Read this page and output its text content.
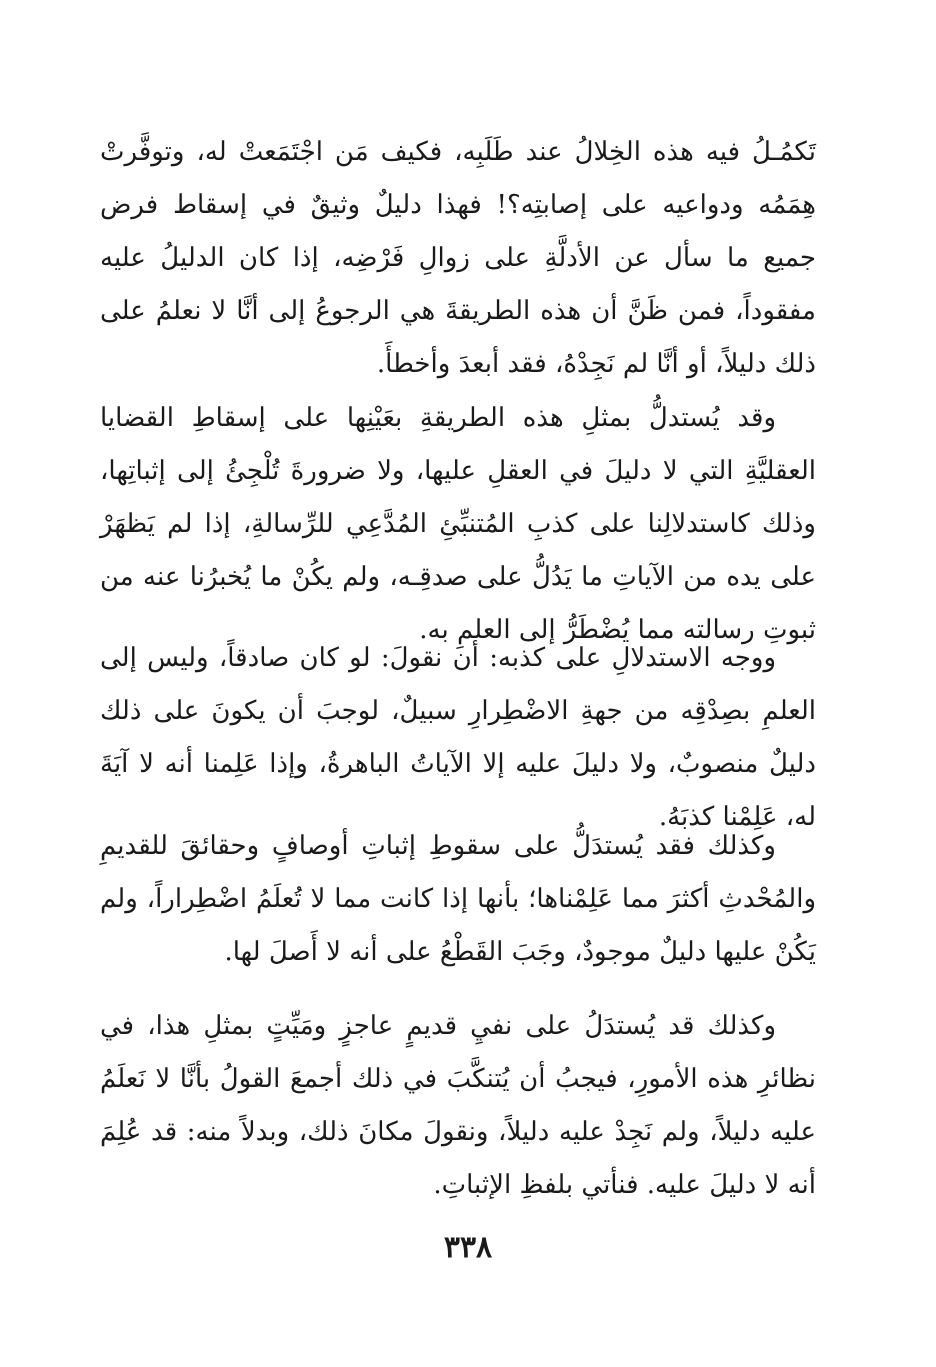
تَكمُـلُ فيه هذه الخِلالُ عند طَلَبِه، فكيف مَن اجْتَمَعتْ له، وتوفَّرتْ هِمَمُه ودواعيه على إصابتِه؟! فهذا دليلٌ وثيقٌ في إسقاط فرض جميع ما سأل عن الأدلَّةِ على زوالِ فَرْضِه، إذا كان الدليلُ عليه مفقوداً، فمن ظَنَّ أن هذه الطريقةَ هي الرجوعُ إلى أنَّا لا نعلمُ على ذلك دليلاً، أو أنَّا لم نَجِدْهُ، فقد أبعدَ وأخطأَ.

وقد يُستدلُّ بمثلِ هذه الطريقةِ بعَيْنِها على إسقاطِ القضايا العقليَّةِ التي لا دليلَ في العقلِ عليها، ولا ضرورةَ تُلْجِئُ إلى إثباتِها، وذلك كاستدلالِنا على كذبِ المُتنبِّئِ المُدَّعِي للرِّسالةِ، إذا لم يَظهَرْ على يده من الآياتِ ما يَدُلُّ على صدقِـه، ولم يكُنْ ما يُخبرُنا عنه من ثبوتِ رسالته مما يُضْطَرُّ إلى العلمِ به.

ووجه الاستدلالِ على كذبه: أن نقولَ: لو كان صادقاً، وليس إلى العلمِ بصِدْقِه من جهةِ الاضْطِرارِ سبيلٌ، لوجبَ أن يكونَ على ذلك دليلٌ منصوبٌ، ولا دليلَ عليه إلا الآياتُ الباهرةُ، وإذا عَلِمنا أنه لا آيَةَ له، عَلِمْنا كذبَهُ.

وكذلك فقد يُستدَلُّ على سقوطِ إثباتِ أوصافٍ وحقائقَ للقديمِ والمُحْدثِ أكثرَ مما عَلِمْناها؛ بأنها إذا كانت مما لا تُعلَمُ اضْطِراراً، ولم يَكُنْ عليها دليلٌ موجودٌ، وجَبَ القَطْعُ على أنه لا أَصلَ لها.

وكذلك قد يُستدَلُ على نفيِ قديمٍ عاجزٍ ومَيِّتٍ بمثلِ هذا، في نظائرِ هذه الأمورِ، فيجبُ أن يُتنكَّبَ في ذلك أجمعَ القولُ بأنَّا لا نَعلَمُ عليه دليلاً، ولم نَجِدْ عليه دليلاً، ونقولَ مكانَ ذلك، وبدلاً منه: قد عُلِمَ أنه لا دليلَ عليه. فنأتي بلفظِ الإثباتِ.

٣٣٨
